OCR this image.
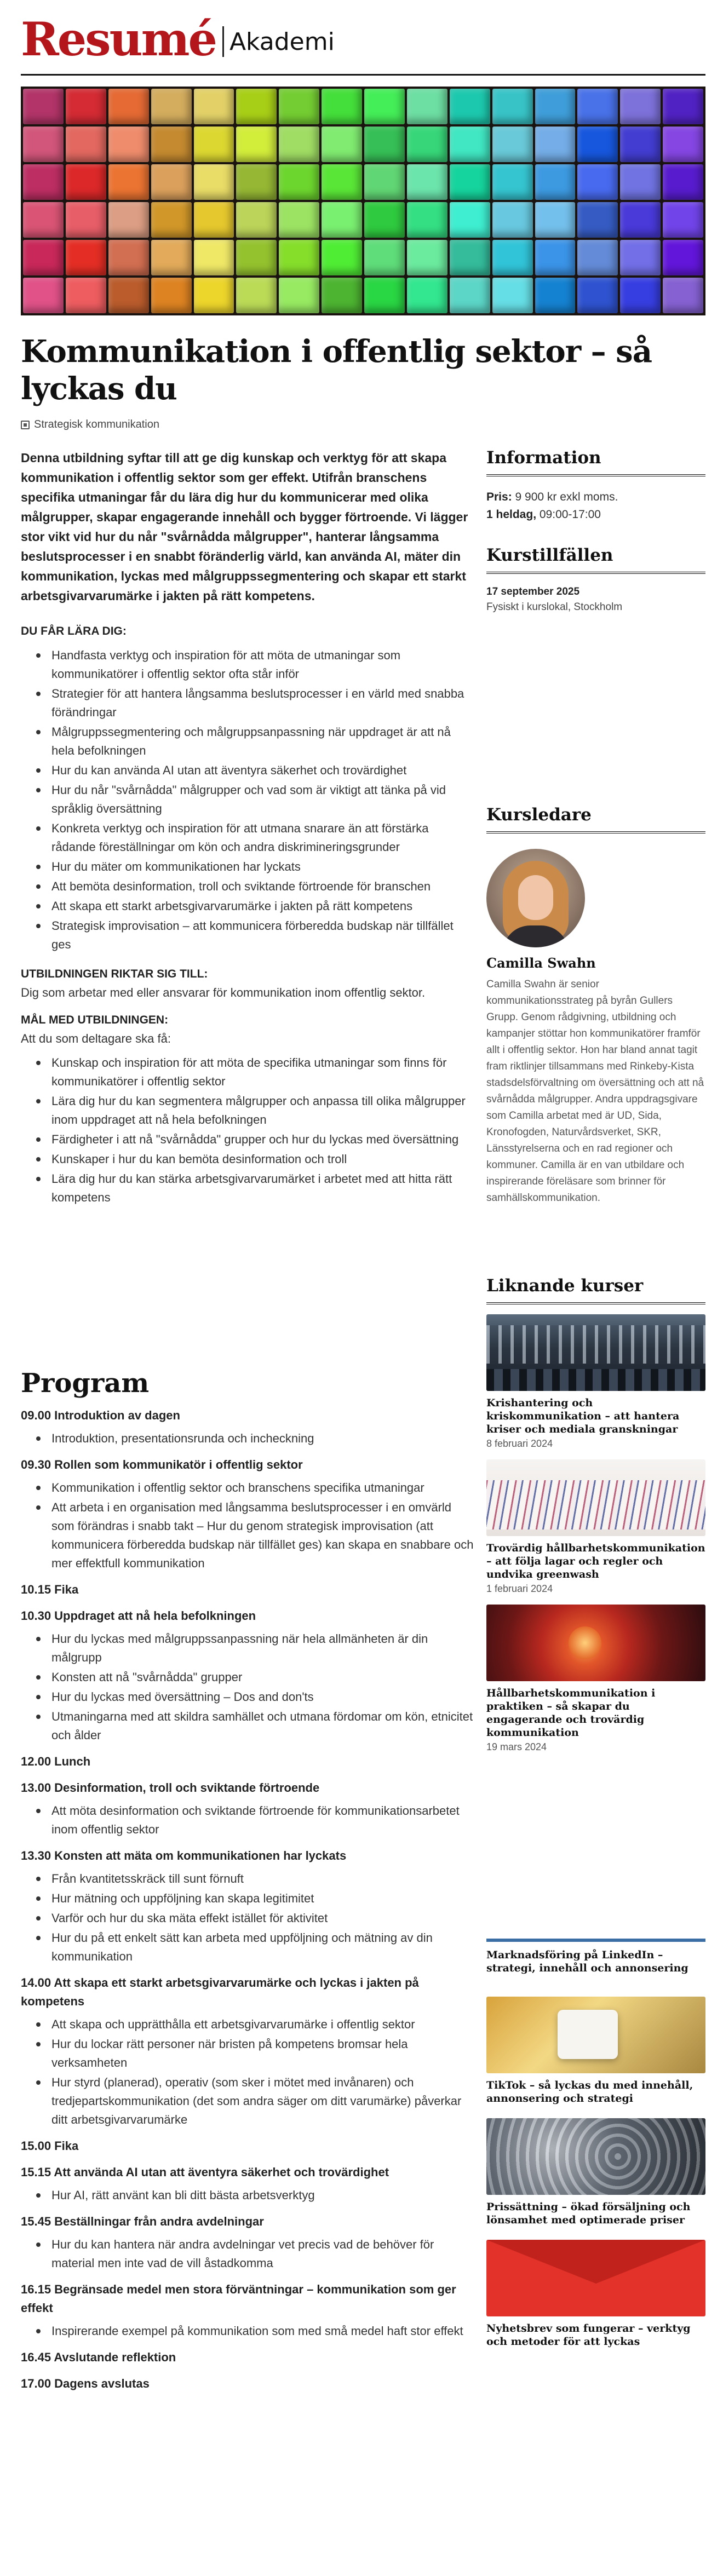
Resumé Akademi
Kommunikation i offentlig sektor – så lyckas du
Strategisk kommunikation

Denna utbildning syftar till att ge dig kunskap och verktyg för att skapa kommunikation i offentlig sektor som ger effekt. Utifrån branschens specifika utmaningar får du lära dig hur du kommunicerar med olika målgrupper, skapar engagerande innehåll och bygger förtroende. Vi lägger stor vikt vid hur du når "svårnådda målgrupper", hanterar långsamma beslutsprocesser i en snabbt föränderlig värld, kan använda AI, mäter din kommunikation, lyckas med målgruppssegmentering och skapar ett starkt arbetsgivarvarumärke i jakten på rätt kompetens.

DU FÅR LÄRA DIG:
Handfasta verktyg och inspiration för att möta de utmaningar som kommunikatörer i offentlig sektor ofta står inför
Strategier för att hantera långsamma beslutsprocesser i en värld med snabba förändringar
Målgruppssegmentering och målgruppsanpassning när uppdraget är att nå hela befolkningen
Hur du kan använda AI utan att äventyra säkerhet och trovärdighet
Hur du når "svårnådda" målgrupper och vad som är viktigt att tänka på vid språklig översättning
Konkreta verktyg och inspiration för att utmana snarare än att förstärka rådande föreställningar om kön och andra diskrimineringsgrunder
Hur du mäter om kommunikationen har lyckats
Att bemöta desinformation, troll och sviktande förtroende för branschen
Att skapa ett starkt arbetsgivarvarumärke i jakten på rätt kompetens
Strategisk improvisation – att kommunicera förberedda budskap när tillfället ges
UTBILDNINGEN RIKTAR SIG TILL:

Dig som arbetar med eller ansvarar för kommunikation inom offentlig sektor.

MÅL MED UTBILDNINGEN:

Att du som deltagare ska få:

Kunskap och inspiration för att möta de specifika utmaningar som finns för kommunikatörer i offentlig sektor
Lära dig hur du kan segmentera målgrupper och anpassa till olika målgrupper inom uppdraget att nå hela befolkningen
Färdigheter i att nå "svårnådda" grupper och hur du lyckas med översättning
Kunskaper i hur du kan bemöta desinformation och troll
Lära dig hur du kan stärka arbetsgivarvarumärket i arbetet med att hitta rätt kompetens
Program
09.00 Introduktion av dagen
Introduktion, presentationsrunda och incheckning
09.30 Rollen som kommunikatör i offentlig sektor
Kommunikation i offentlig sektor och branschens specifika utmaningar
Att arbeta i en organisation med långsamma beslutsprocesser i en omvärld som förändras i snabb takt – Hur du genom strategisk improvisation (att kommunicera förberedda budskap när tillfället ges) kan skapa en snabbare och mer effektfull kommunikation
10.15 Fika
10.30 Uppdraget att nå hela befolkningen
Hur du lyckas med målgruppssanpassning när hela allmänheten är din målgrupp
Konsten att nå "svårnådda" grupper
Hur du lyckas med översättning – Dos and don'ts
Utmaningarna med att skildra samhället och utmana fördomar om kön, etnicitet och ålder
12.00 Lunch
13.00 Desinformation, troll och sviktande förtroende
Att möta desinformation och sviktande förtroende för kommunikationsarbetet inom offentlig sektor
13.30 Konsten att mäta om kommunikationen har lyckats
Från kvantitetsskräck till sunt förnuft
Hur mätning och uppföljning kan skapa legitimitet
Varför och hur du ska mäta effekt istället för aktivitet
Hur du på ett enkelt sätt kan arbeta med uppföljning och mätning av din kommunikation
14.00 Att skapa ett starkt arbetsgivarvarumärke och lyckas i jakten på kompetens
Att skapa och upprätthålla ett arbetsgivarvarumärke i offentlig sektor
Hur du lockar rätt personer när bristen på kompetens bromsar hela verksamheten
Hur styrd (planerad), operativ (som sker i mötet med invånaren) och tredjepartskommunikation (det som andra säger om ditt varumärke) påverkar ditt arbetsgivarvarumärke
15.00 Fika
15.15 Att använda AI utan att äventyra säkerhet och trovärdighet
Hur AI, rätt använt kan bli ditt bästa arbetsverktyg
15.45 Beställningar från andra avdelningar
Hur du kan hantera när andra avdelningar vet precis vad de behöver för material men inte vad de vill åstadkomma
16.15 Begränsade medel men stora förväntningar – kommunikation som ger effekt
Inspirerande exempel på kommunikation som med små medel haft stor effekt
16.45 Avslutande reflektion
17.00 Dagens avslutas
Information
Pris: 9 900 kr exkl moms.
1 heldag, 09:00-17:00
Kurstillfällen
17 september 2025
Fysiskt i kurslokal, Stockholm
Kursledare
Camilla Swahn
Camilla Swahn är senior kommunikationsstrateg på byrån Gullers Grupp. Genom rådgivning, utbildning och kampanjer stöttar hon kommunikatörer framför allt i offentlig sektor. Hon har bland annat tagit fram riktlinjer tillsammans med Rinkeby-Kista stadsdelsförvaltning om översättning och att nå svårnådda målgrupper. Andra uppdragsgivare som Camilla arbetat med är UD, Sida, Kronofogden, Naturvårdsverket, SKR, Länsstyrelserna och en rad regioner och kommuner. Camilla är en van utbildare och inspirerande föreläsare som brinner för samhällskommunikation.
Liknande kurser
Krishantering och kriskommunikation – att hantera kriser och mediala granskningar
8 februari 2024
Trovärdig hållbarhetskommunikation – att följa lagar och regler och undvika greenwash
1 februari 2024
Hållbarhetskommunikation i praktiken – så skapar du engagerande och trovärdig kommunikation
19 mars 2024
Marknadsföring på LinkedIn – strategi, innehåll och annonsering
TikTok – så lyckas du med innehåll, annonsering och strategi
Prissättning – ökad försäljning och lönsamhet med optimerade priser
Nyhetsbrev som fungerar – verktyg och metoder för att lyckas
